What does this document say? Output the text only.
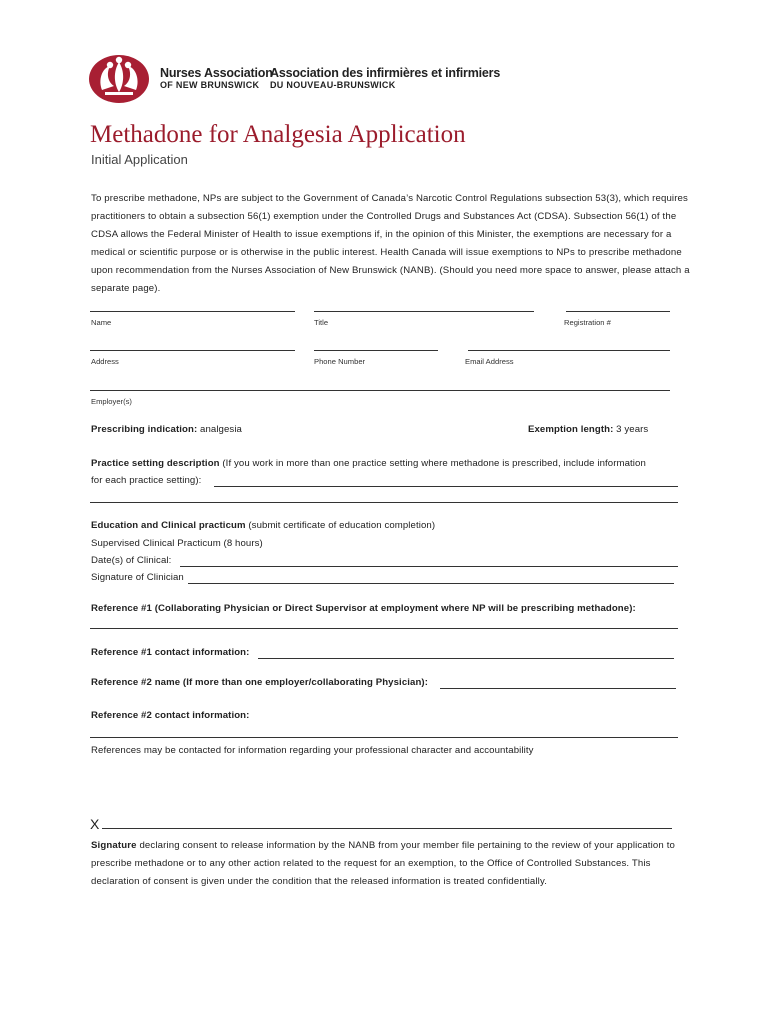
Nurses Association
OF NEW BRUNSWICK
Association des infirmières et infirmiers
DU NOUVEAU-BRUNSWICK
Methadone for Analgesia Application
Initial Application
To prescribe methadone, NPs are subject to the Government of Canada’s Narcotic Control Regulations subsection 53(3), which requires practitioners to obtain a subsection 56(1) exemption under the Controlled Drugs and Substances Act (CDSA). Subsection 56(1) of the CDSA allows the Federal Minister of Health to issue exemptions if, in the opinion of this Minister, the exemptions are necessary for a medical or scientific purpose or is otherwise in the public interest. Health Canada will issue exemptions to NPs to prescribe methadone upon recommendation from the Nurses Association of New Brunswick (NANB). (Should you need more space to answer, please attach a separate page).
Name	Title	Registration #
Address	Phone Number	Email Address
Employer(s)
Prescribing indication: analgesia	Exemption length: 3 years
Practice setting description (If you work in more than one practice setting where methadone is prescribed, include information
for each practice setting):
Education and Clinical practicum (submit certificate of education completion)
Supervised Clinical Practicum (8 hours)
Date(s) of Clinical:
Signature of Clinician
Reference #1 (Collaborating Physician or Direct Supervisor at employment where NP will be prescribing methadone):
Reference #1 contact information:
Reference #2 name (If more than one employer/collaborating Physician):
Reference #2 contact information:
References may be contacted for information regarding your professional character and accountability
X
Signature declaring consent to release information by the NANB from your member file pertaining to the review of your application to prescribe methadone or to any other action related to the request for an exemption, to the Office of Controlled Substances. This declaration of consent is given under the condition that the released information is treated confidentially.
